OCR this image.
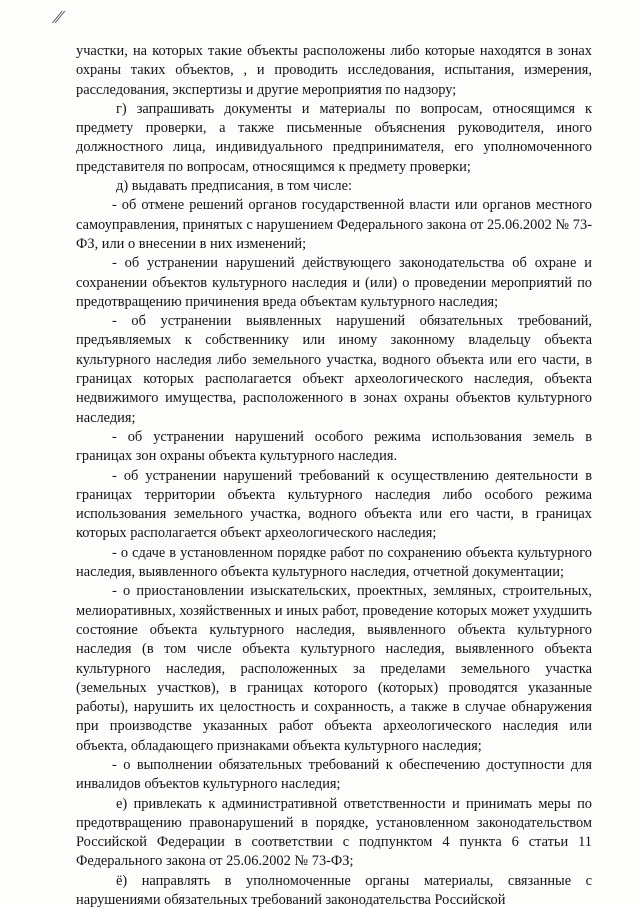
⁄⁄

участки, на которых такие объекты расположены либо которые находятся в зонах охраны таких объектов, , и проводить исследования, испытания, измерения, расследования, экспертизы и другие мероприятия по надзору;

г) запрашивать документы и материалы по вопросам, относящимся к предмету проверки, а также письменные объяснения руководителя, иного должностного лица, индивидуального предпринимателя, его уполномоченного представителя по вопросам, относящимся к предмету проверки;

д) выдавать предписания, в том числе:

- об отмене решений органов государственной власти или органов местного самоуправления, принятых с нарушением Федерального закона от 25.06.2002 № 73-ФЗ, или о внесении в них изменений;

- об устранении нарушений действующего законодательства об охране и сохранении объектов культурного наследия и (или) о проведении мероприятий по предотвращению причинения вреда объектам культурного наследия;

- об устранении выявленных нарушений обязательных требований, предъявляемых к собственнику или иному законному владельцу объекта культурного наследия либо земельного участка, водного объекта или его части, в границах которых располагается объект археологического наследия, объекта недвижимого имущества, расположенного в зонах охраны объектов культурного наследия;

- об устранении нарушений особого режима использования земель в границах зон охраны объекта культурного наследия.

- об устранении нарушений требований к осуществлению деятельности в границах территории объекта культурного наследия либо особого режима использования земельного участка, водного объекта или его части, в границах которых располагается объект археологического наследия;

- о сдаче в установленном порядке работ по сохранению объекта культурного наследия, выявленного объекта культурного наследия, отчетной документации;

- о приостановлении изыскательских, проектных, земляных, строительных, мелиоративных, хозяйственных и иных работ, проведение которых может ухудшить состояние объекта культурного наследия, выявленного объекта культурного наследия (в том числе объекта культурного наследия, выявленного объекта культурного наследия, расположенных за пределами земельного участка (земельных участков), в границах которого (которых) проводятся указанные работы), нарушить их целостность и сохранность, а также в случае обнаружения при производстве указанных работ объекта археологического наследия или объекта, обладающего признаками объекта культурного наследия;

- о выполнении обязательных требований к обеспечению доступности для инвалидов объектов культурного наследия;

е) привлекать к административной ответственности и принимать меры по предотвращению правонарушений в порядке, установленном законодательством Российской Федерации в соответствии с подпунктом 4 пункта 6 статьи 11 Федерального закона от 25.06.2002 № 73-ФЗ;

ё) направлять в уполномоченные органы материалы, связанные с нарушениями обязательных требований законодательства Российской
